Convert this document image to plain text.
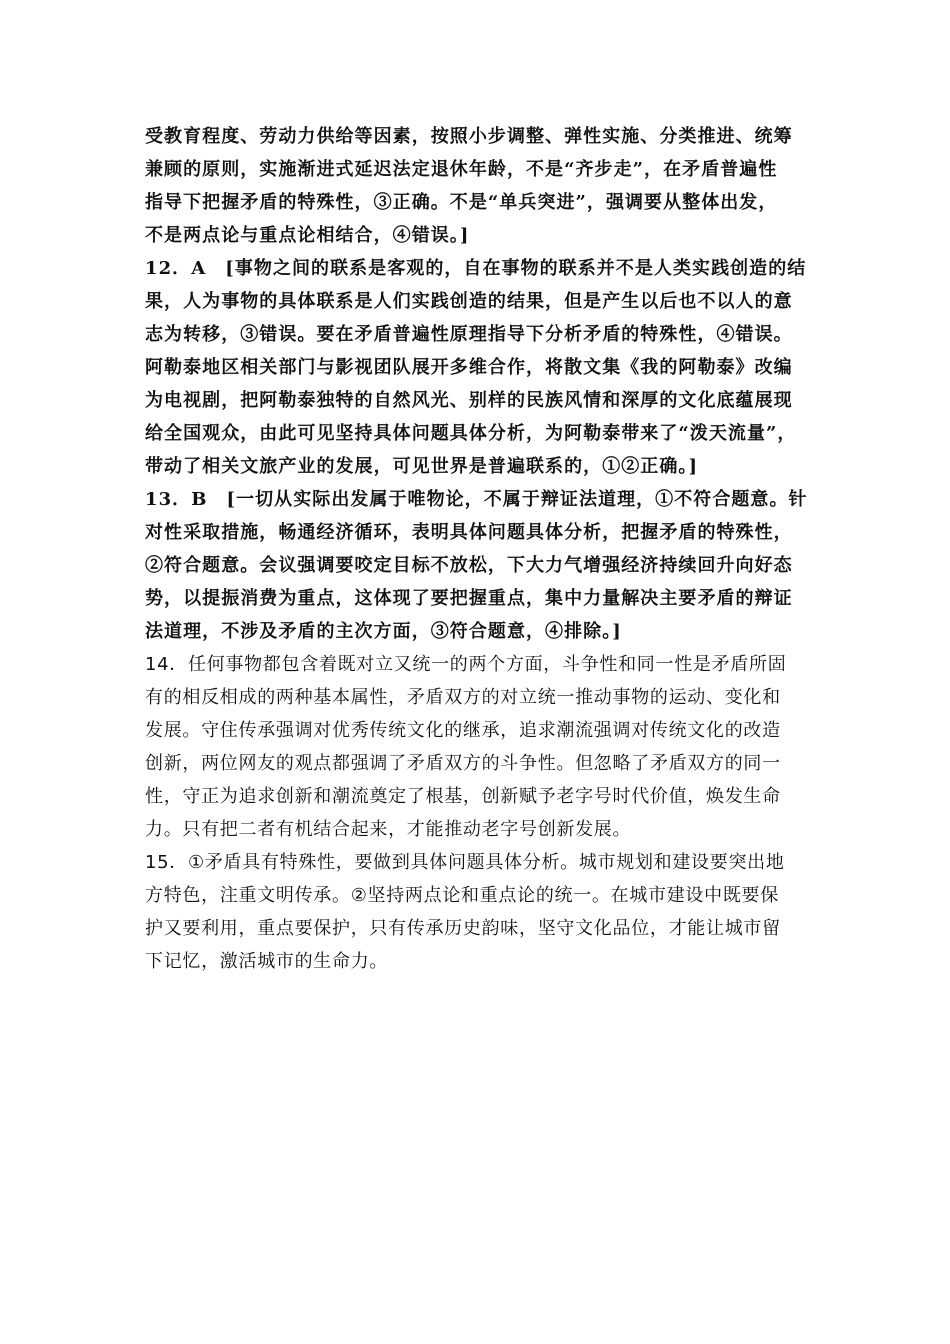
受教育程度、劳动力供给等因素，按照小步调整、弹性实施、分类推进、统筹
兼顾的原则，实施渐进式延迟法定退休年龄，不是“齐步走”，在矛盾普遍性
指导下把握矛盾的特殊性，③正确。不是“单兵突进”，强调要从整体出发，
不是两点论与重点论相结合，④错误。]
12．A　[事物之间的联系是客观的，自在事物的联系并不是人类实践创造的结
果，人为事物的具体联系是人们实践创造的结果，但是产生以后也不以人的意
志为转移，③错误。要在矛盾普遍性原理指导下分析矛盾的特殊性，④错误。
阿勒泰地区相关部门与影视团队展开多维合作，将散文集《我的阿勒泰》改编
为电视剧，把阿勒泰独特的自然风光、别样的民族风情和深厚的文化底蕴展现
给全国观众，由此可见坚持具体问题具体分析，为阿勒泰带来了“泼天流量”，
带动了相关文旅产业的发展，可见世界是普遍联系的，①②正确。]
13．B　[一切从实际出发属于唯物论，不属于辩证法道理，①不符合题意。针
对性采取措施，畅通经济循环，表明具体问题具体分析，把握矛盾的特殊性，
②符合题意。会议强调要咬定目标不放松，下大力气增强经济持续回升向好态
势，以提振消费为重点，这体现了要把握重点，集中力量解决主要矛盾的辩证
法道理，不涉及矛盾的主次方面，③符合题意，④排除。]
14．任何事物都包含着既对立又统一的两个方面，斗争性和同一性是矛盾所固
有的相反相成的两种基本属性，矛盾双方的对立统一推动事物的运动、变化和
发展。守住传承强调对优秀传统文化的继承，追求潮流强调对传统文化的改造
创新，两位网友的观点都强调了矛盾双方的斗争性。但忽略了矛盾双方的同一
性，守正为追求创新和潮流奠定了根基，创新赋予老字号时代价值，焕发生命
力。只有把二者有机结合起来，才能推动老字号创新发展。
15．①矛盾具有特殊性，要做到具体问题具体分析。城市规划和建设要突出地
方特色，注重文明传承。②坚持两点论和重点论的统一。在城市建设中既要保
护又要利用，重点要保护，只有传承历史韵味，坚守文化品位，才能让城市留
下记忆，激活城市的生命力。
